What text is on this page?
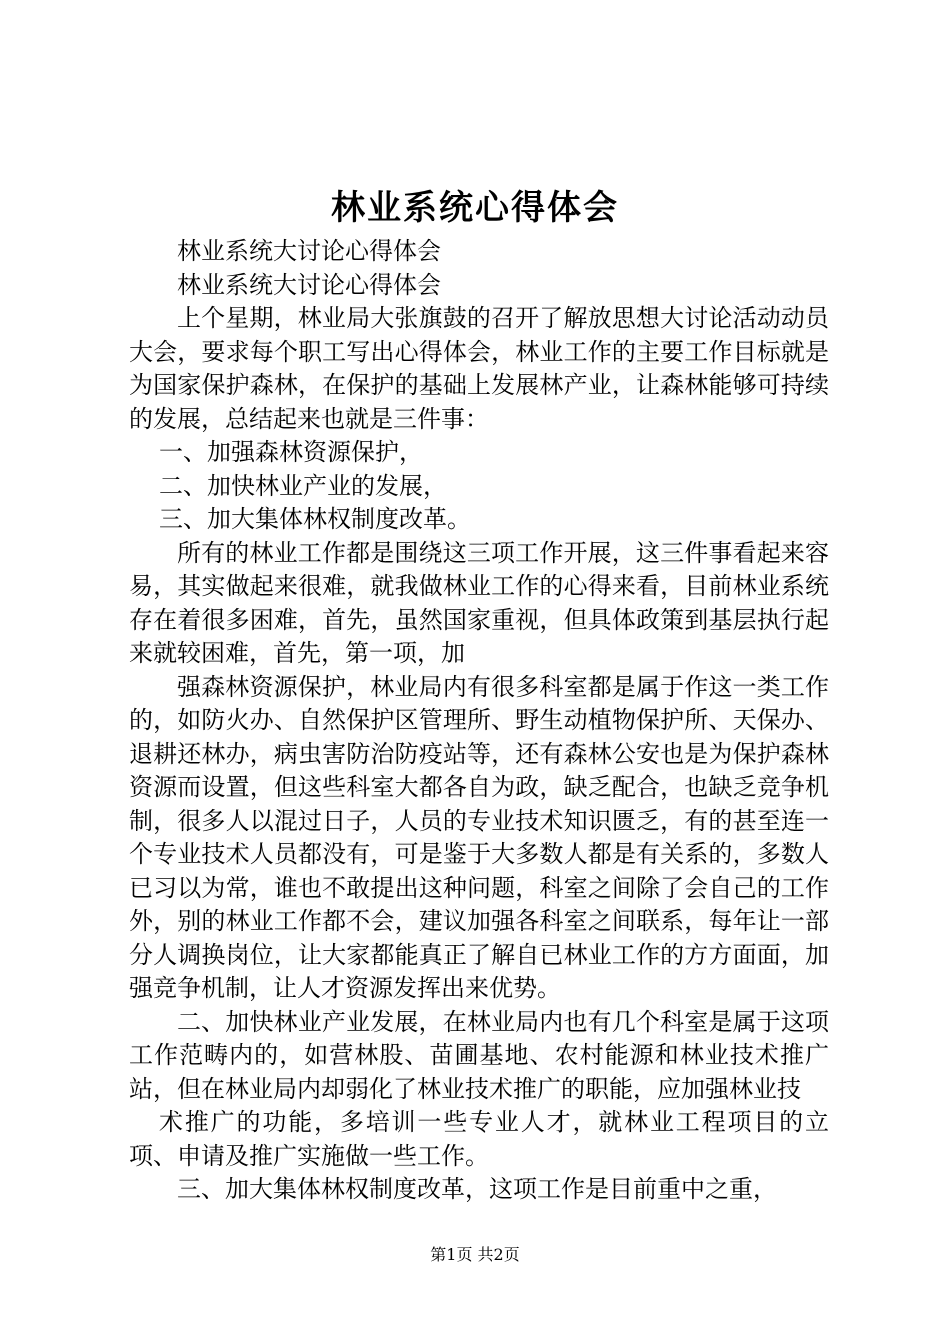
林业系统心得体会

林业系统大讨论心得体会

林业系统大讨论心得体会

上个星期，林业局大张旗鼓的召开了解放思想大讨论活动动员大会，要求每个职工写出心得体会，林业工作的主要工作目标就是为国家保护森林，在保护的基础上发展林产业，让森林能够可持续的发展，总结起来也就是三件事：

一、加强森林资源保护，

二、加快林业产业的发展，

三、加大集体林权制度改革。

所有的林业工作都是围绕这三项工作开展，这三件事看起来容易，其实做起来很难，就我做林业工作的心得来看，目前林业系统存在着很多困难，首先，虽然国家重视，但具体政策到基层执行起来就较困难，首先，第一项，加

强森林资源保护，林业局内有很多科室都是属于作这一类工作的，如防火办、自然保护区管理所、野生动植物保护所、天保办、退耕还林办，病虫害防治防疫站等，还有森林公安也是为保护森林资源而设置，但这些科室大都各自为政，缺乏配合，也缺乏竞争机制，很多人以混过日子，人员的专业技术知识匮乏，有的甚至连一个专业技术人员都没有，可是鉴于大多数人都是有关系的，多数人已习以为常，谁也不敢提出这种问题，科室之间除了会自己的工作外，别的林业工作都不会，建议加强各科室之间联系，每年让一部分人调换岗位，让大家都能真正了解自已林业工作的方方面面，加强竞争机制，让人才资源发挥出来优势。

二、加快林业产业发展，在林业局内也有几个科室是属于这项工作范畴内的，如营林股、苗圃基地、农村能源和林业技术推广站，但在林业局内却弱化了林业技术推广的职能，应加强林业技

术推广的功能，多培训一些专业人才，就林业工程项目的立项、申请及推广实施做一些工作。

三、加大集体林权制度改革，这项工作是目前重中之重，

第1页 共2页
